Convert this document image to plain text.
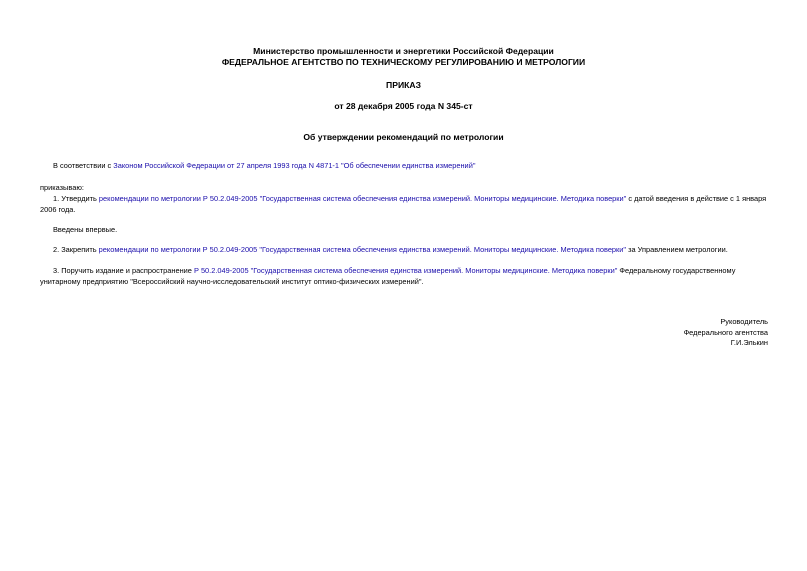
Министерство промышленности и энергетики Российской Федерации
ФЕДЕРАЛЬНОЕ АГЕНТСТВО ПО ТЕХНИЧЕСКОМУ РЕГУЛИРОВАНИЮ И МЕТРОЛОГИИ
ПРИКАЗ
от 28 декабря 2005 года N 345-ст
Об утверждении рекомендаций по метрологии
В соответствии с Законом Российской Федерации от 27 апреля 1993 года N 4871-1 "Об обеспечении единства измерений"
приказываю:
1. Утвердить рекомендации по метрологии Р 50.2.049-2005 "Государственная система обеспечения единства измерений. Мониторы медицинские. Методика поверки" с датой введения в действие с 1 января 2006 года.
Введены впервые.
2. Закрепить рекомендации по метрологии Р 50.2.049-2005 "Государственная система обеспечения единства измерений. Мониторы медицинские. Методика поверки" за Управлением метрологии.
3. Поручить издание и распространение Р 50.2.049-2005 "Государственная система обеспечения единства измерений. Мониторы медицинские. Методика поверки" Федеральному государственному унитарному предприятию "Всероссийский научно-исследовательский институт оптико-физических измерений".
Руководитель
Федерального агентства
Г.И.Элькин
